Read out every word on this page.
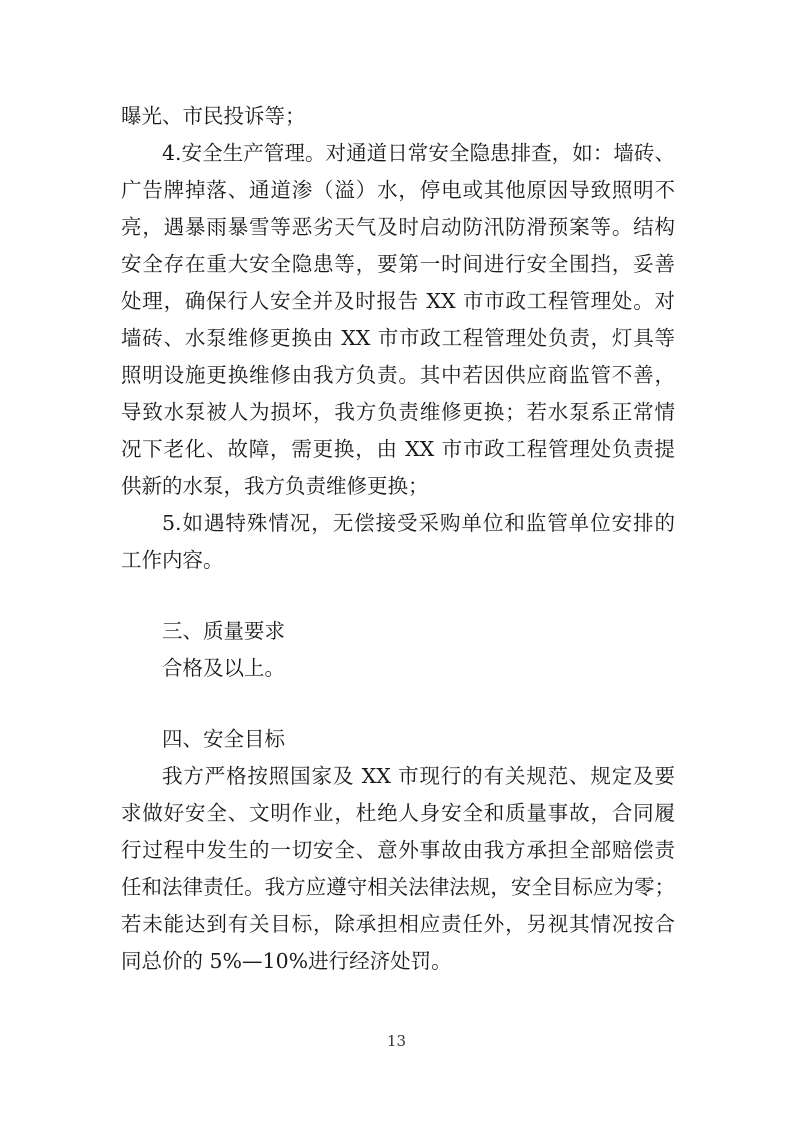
曝光、市民投诉等；
4.安全生产管理。对通道日常安全隐患排查，如：墙砖、
广告牌掉落、通道渗（溢）水，停电或其他原因导致照明不
亮，遇暴雨暴雪等恶劣天气及时启动防汛防滑预案等。结构
安全存在重大安全隐患等，要第一时间进行安全围挡，妥善
处理，确保行人安全并及时报告 XX 市市政工程管理处。对
墙砖、水泵维修更换由 XX 市市政工程管理处负责，灯具等
照明设施更换维修由我方负责。其中若因供应商监管不善，
导致水泵被人为损坏，我方负责维修更换；若水泵系正常情
况下老化、故障，需更换，由 XX 市市政工程管理处负责提
供新的水泵，我方负责维修更换；
5.如遇特殊情况，无偿接受采购单位和监管单位安排的
工作内容。
三、质量要求
合格及以上。
四、安全目标
我方严格按照国家及 XX 市现行的有关规范、规定及要
求做好安全、文明作业，杜绝人身安全和质量事故，合同履
行过程中发生的一切安全、意外事故由我方承担全部赔偿责
任和法律责任。我方应遵守相关法律法规，安全目标应为零；
若未能达到有关目标，除承担相应责任外，另视其情况按合
同总价的 5%—10%进行经济处罚。
13
